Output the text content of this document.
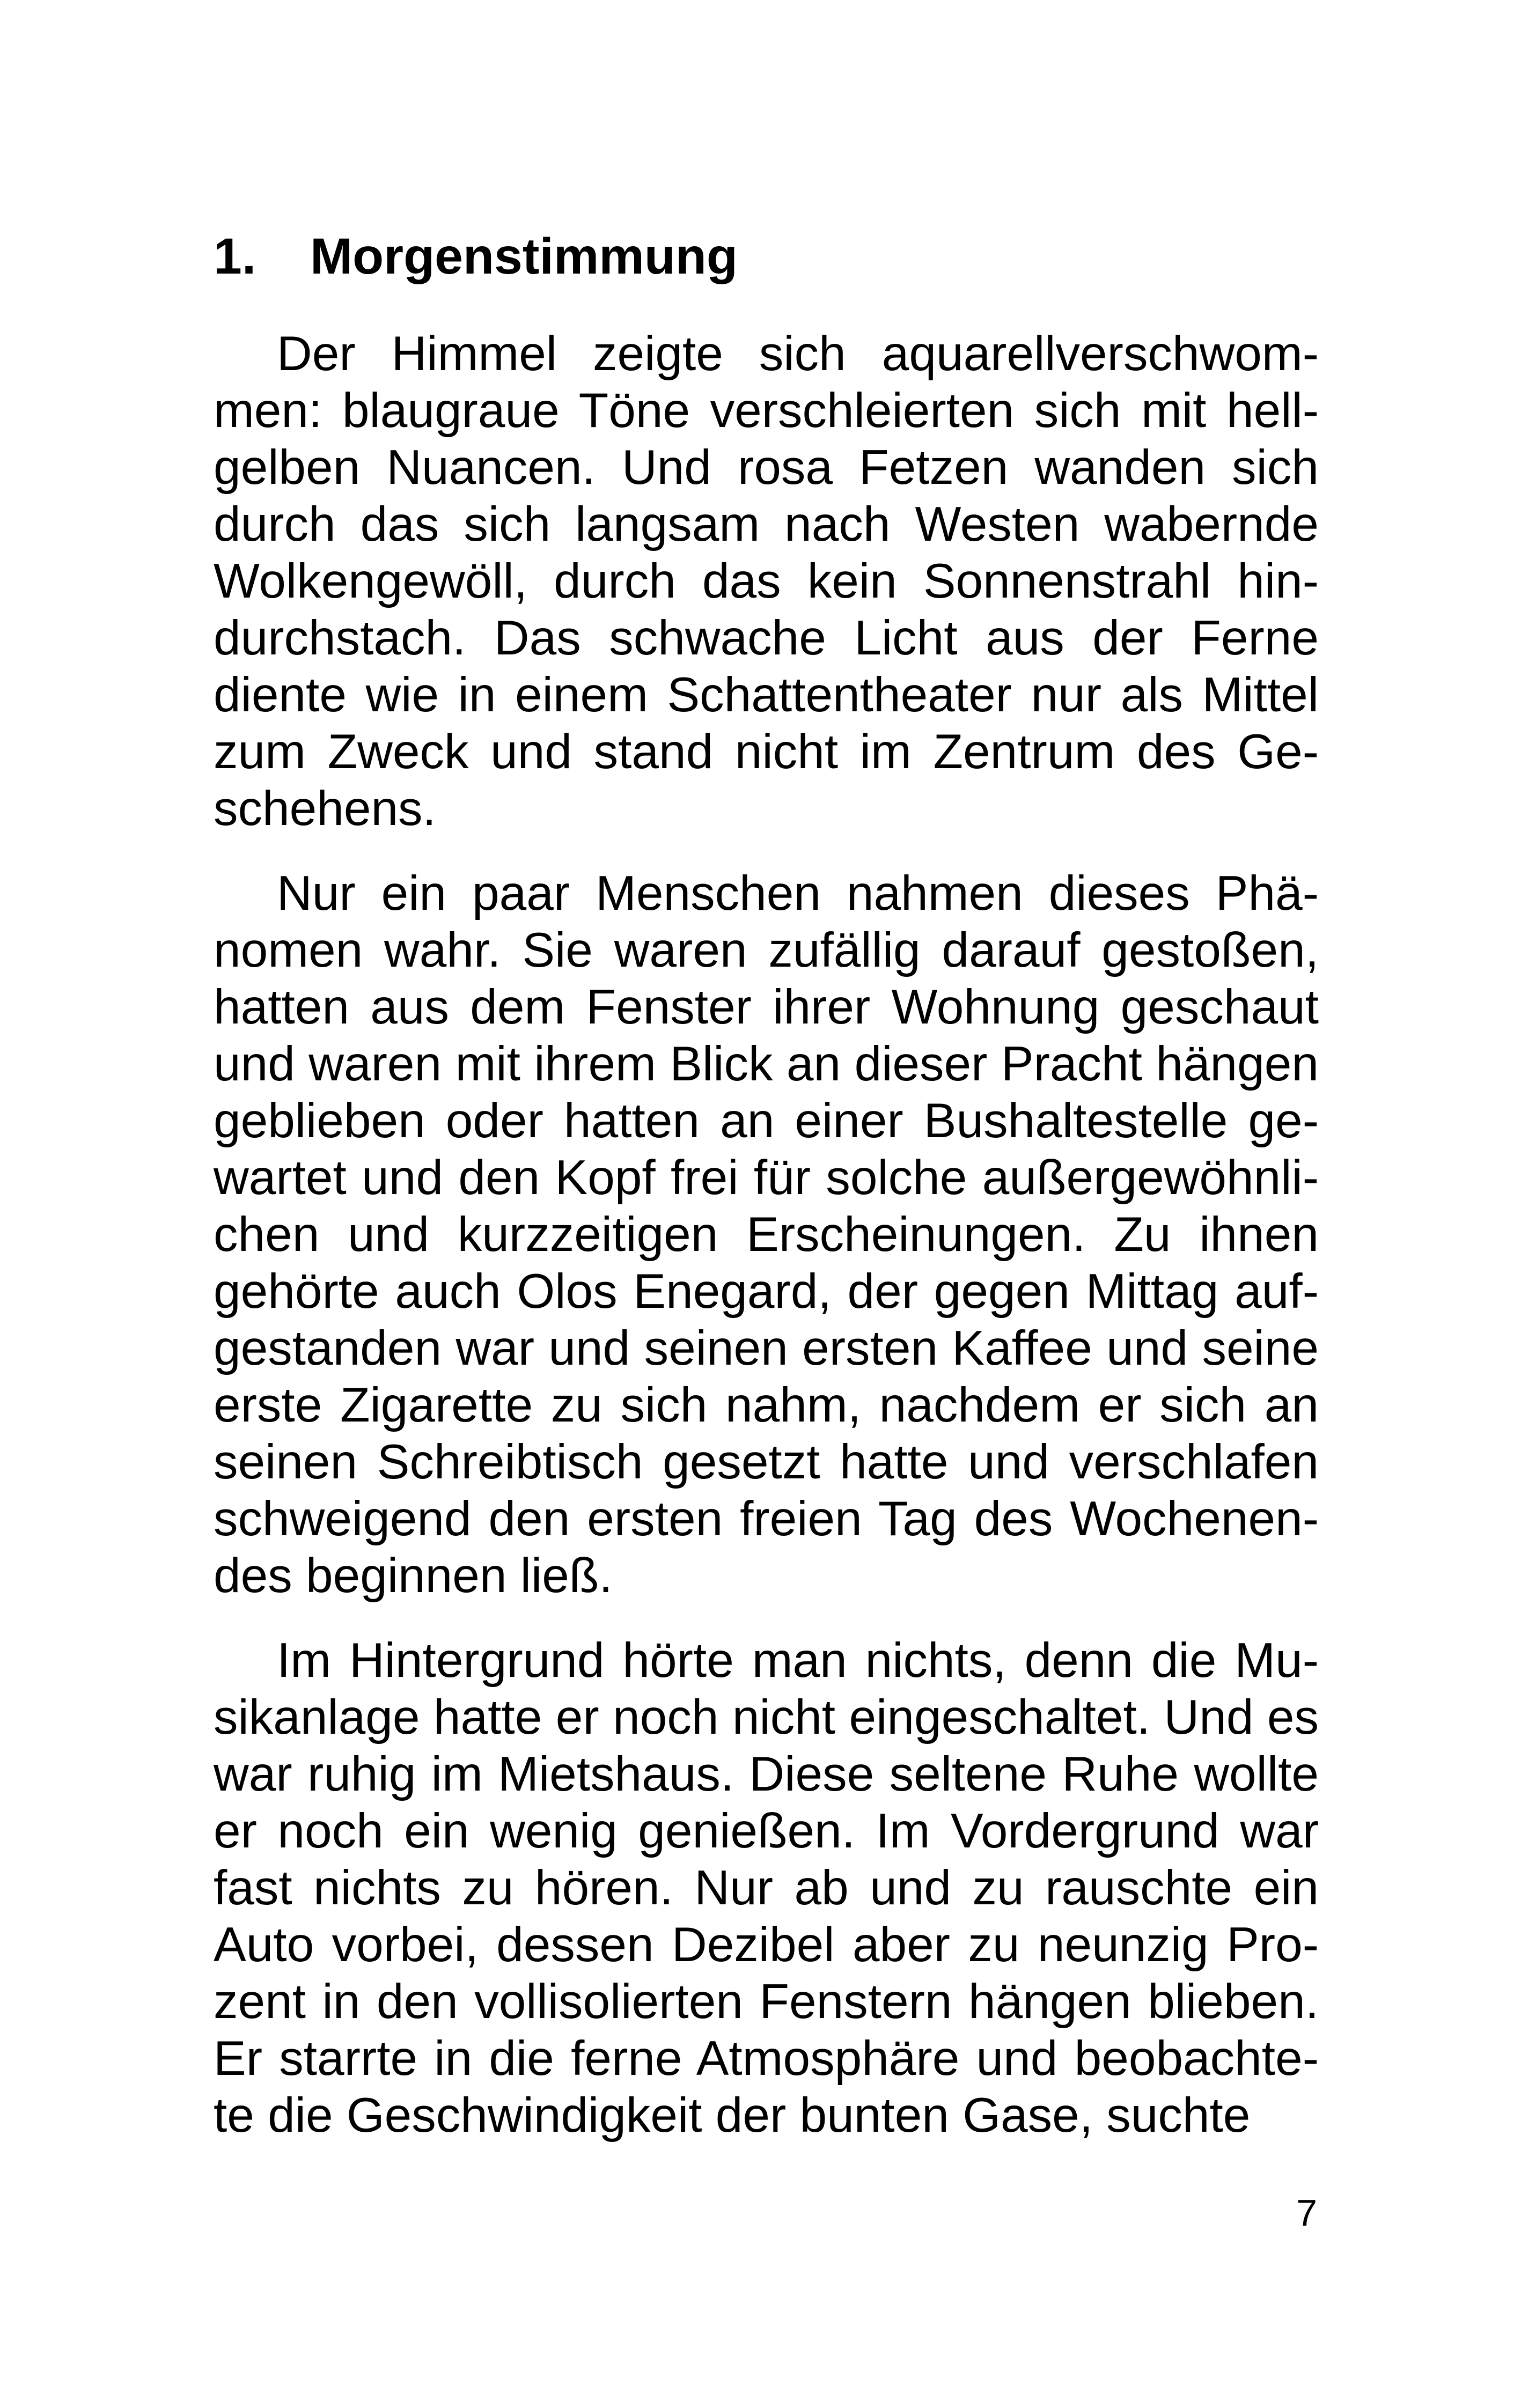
1. Morgenstimmung

Der Himmel zeigte sich aquarellverschwommen: blaugraue Töne verschleierten sich mit hellgelben Nuancen. Und rosa Fetzen wanden sich durch das sich langsam nach Westen wabernde Wolkengewöll, durch das kein Sonnenstrahl hindurchstach. Das schwache Licht aus der Ferne diente wie in einem Schattentheater nur als Mittel zum Zweck und stand nicht im Zentrum des Geschehens.

Nur ein paar Menschen nahmen dieses Phänomen wahr. Sie waren zufällig darauf gestoßen, hatten aus dem Fenster ihrer Wohnung geschaut und waren mit ihrem Blick an dieser Pracht hängen geblieben oder hatten an einer Bushaltestelle gewartet und den Kopf frei für solche außergewöhnlichen und kurzzeitigen Erscheinungen. Zu ihnen gehörte auch Olos Enegard, der gegen Mittag aufgestanden war und seinen ersten Kaffee und seine erste Zigarette zu sich nahm, nachdem er sich an seinen Schreibtisch gesetzt hatte und verschlafen schweigend den ersten freien Tag des Wochenendes beginnen ließ.

Im Hintergrund hörte man nichts, denn die Musikanlage hatte er noch nicht eingeschaltet. Und es war ruhig im Mietshaus. Diese seltene Ruhe wollte er noch ein wenig genießen. Im Vordergrund war fast nichts zu hören. Nur ab und zu rauschte ein Auto vorbei, dessen Dezibel aber zu neunzig Prozent in den vollisolierten Fenstern hängen blieben. Er starrte in die ferne Atmosphäre und beobachtete die Geschwindigkeit der bunten Gase, suchte

7
